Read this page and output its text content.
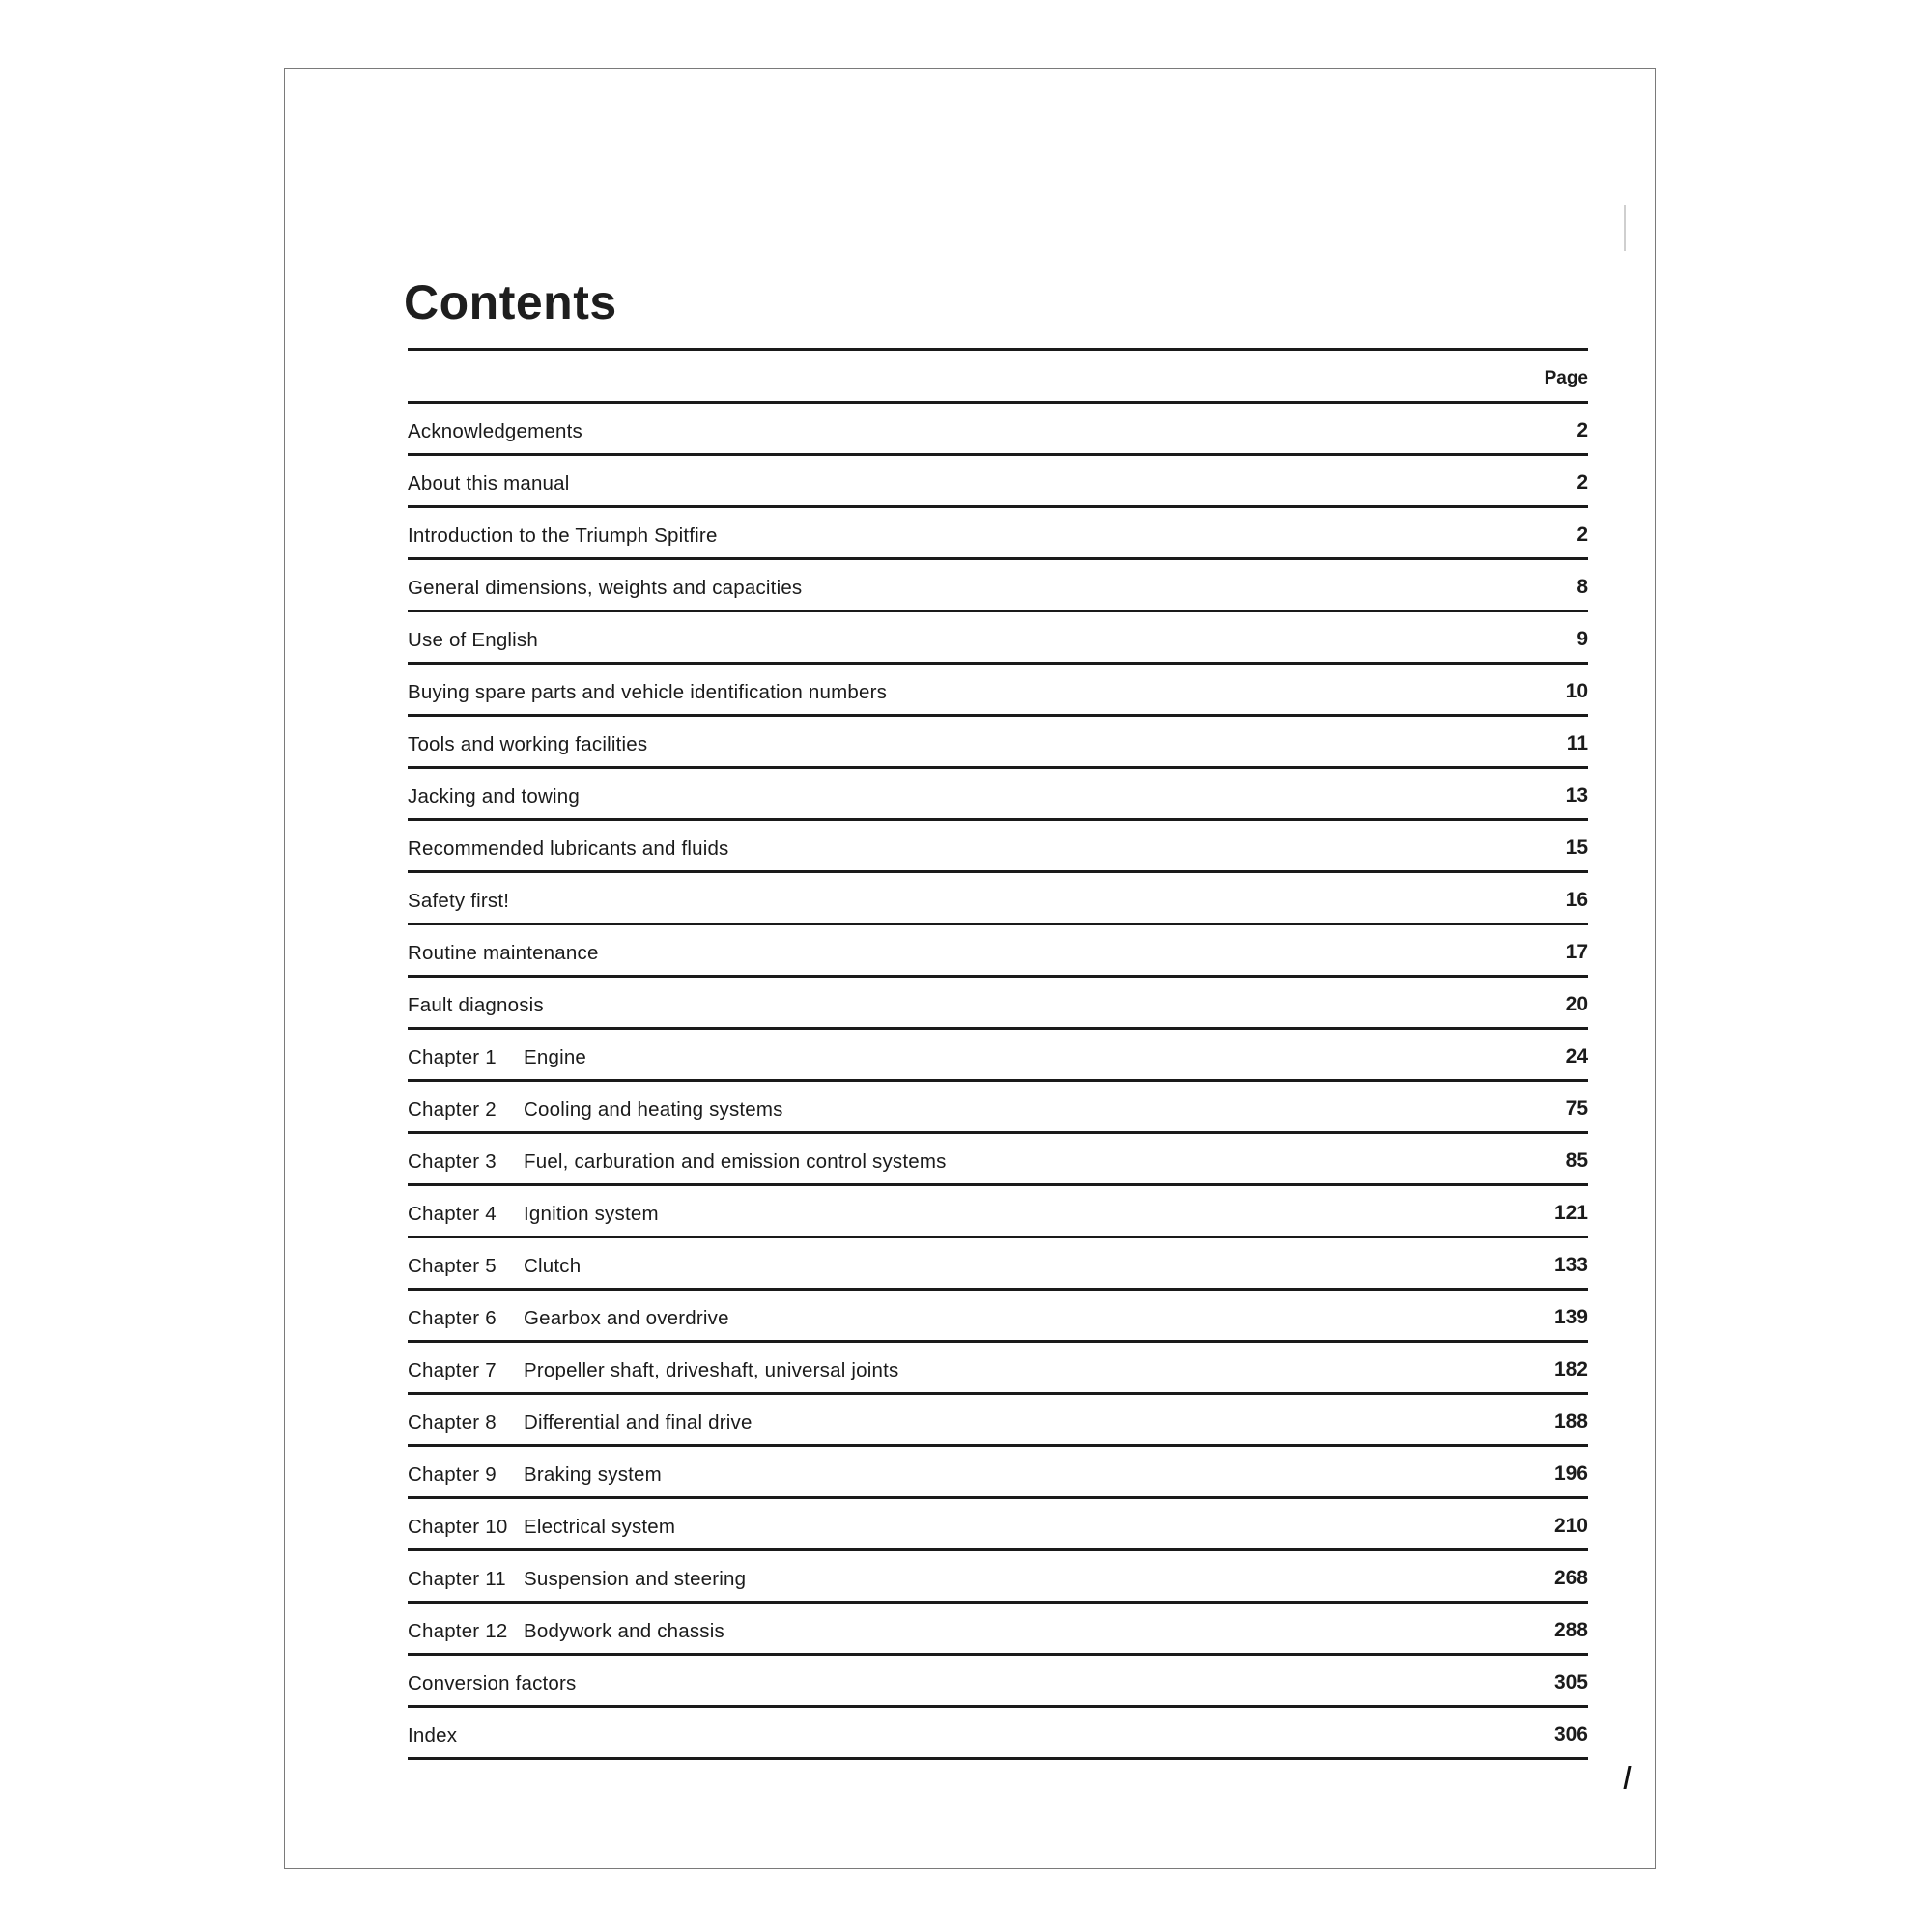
Contents
Page
Acknowledgements	2
About this manual	2
Introduction to the Triumph Spitfire	2
General dimensions, weights and capacities	8
Use of English	9
Buying spare parts and vehicle identification numbers	10
Tools and working facilities	11
Jacking and towing	13
Recommended lubricants and fluids	15
Safety first!	16
Routine maintenance	17
Fault diagnosis	20
Chapter 1 Engine	24
Chapter 2 Cooling and heating systems	75
Chapter 3 Fuel, carburation and emission control systems	85
Chapter 4 Ignition system	121
Chapter 5 Clutch	133
Chapter 6 Gearbox and overdrive	139
Chapter 7 Propeller shaft, driveshaft, universal joints	182
Chapter 8 Differential and final drive	188
Chapter 9 Braking system	196
Chapter 10 Electrical system	210
Chapter 11 Suspension and steering	268
Chapter 12 Bodywork and chassis	288
Conversion factors	305
Index	306
